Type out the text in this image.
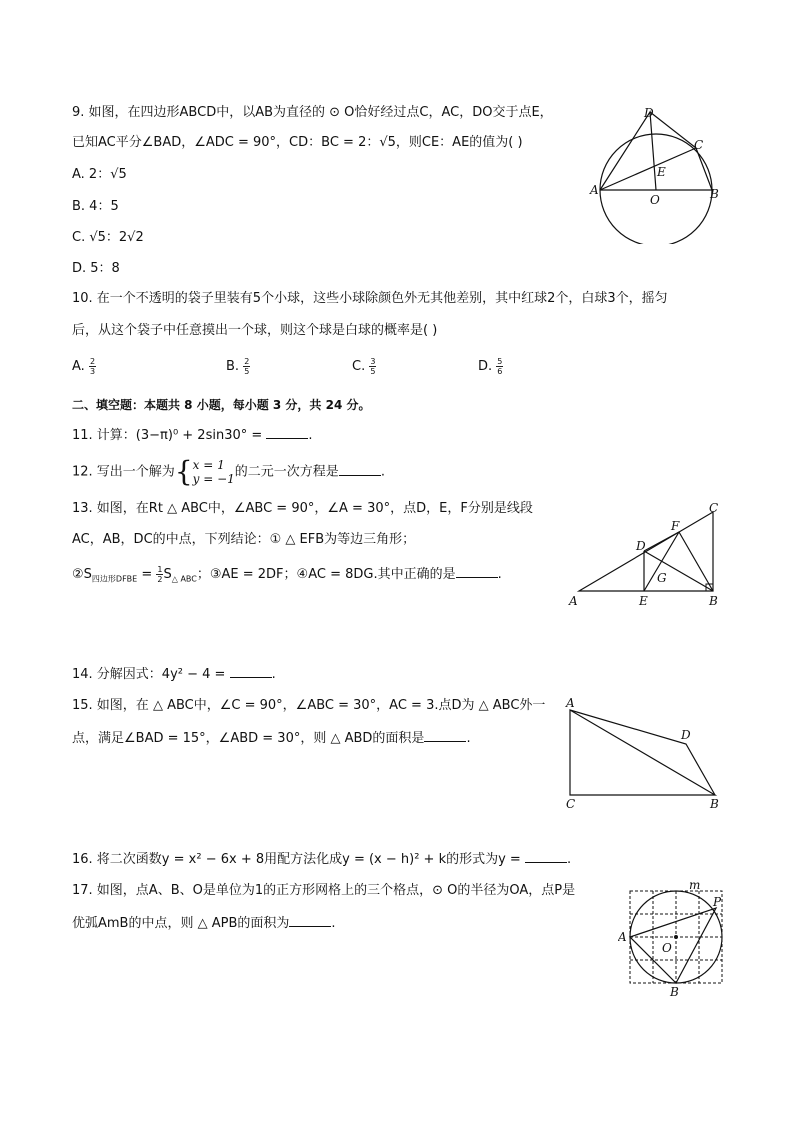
9. 如图，在四边形ABCD中，以AB为直径的 ⊙ O恰好经过点C，AC，DO交于点E，
已知AC平分∠BAD，∠ADC = 90°，CD：BC = 2：√5，则CE：AE的值为( )
A. 2：√5
B. 4：5
C. √5：2√2
D. 5：8
D
C
E
A
O	B
10. 在一个不透明的袋子里装有5个小球，这些小球除颜色外无其他差别，其中红球2个，白球3个，摇匀
后，从这个袋子中任意摸出一个球，则这个球是白球的概率是( )
A. $\frac{2}{3}$	B. $\frac{2}{5}$	C. $\frac{3}{5}$	D. $\frac{5}{6}$
二、填空题：本题共 8 小题，每小题 3 分，共 24 分。
11. 计算：(3−π)⁰ + 2sin30° =	.
12. 写出一个解为{ x = 1
y = −1 的二元一次方程是	.
13. 如图，在Rt △ ABC中，∠ABC = 90°，∠A = 30°，点D，E，F分别是线段
AC，AB，DC的中点，下列结论：① △ EFB为等边三角形；
$②S_{四边形DFBE} = \frac{1}{2} S_{\triangle ABC}$；③AE = 2DF；④AC = 8DG.其中正确的是	.
C
F
D
G
A	E	B
14. 分解因式：4y² − 4 =	.
15. 如图，在 △ ABC中，∠C = 90°，∠ABC = 30°，AC = 3.点D为 △ ABC外一
点，满足∠BAD = 15°，∠ABD = 30°，则 △ ABD的面积是	.
A
D
C	B
16. 将二次函数y = x² − 6x + 8用配方法化成y = (x − h)² + k的形式为y =	.
17. 如图，点A、B、O是单位为1的正方形网格上的三个格点，⊙ O的半径为OA，点P是
优弧AmB的中点，则 △ APB的面积为	.
m
P
A
O
B
